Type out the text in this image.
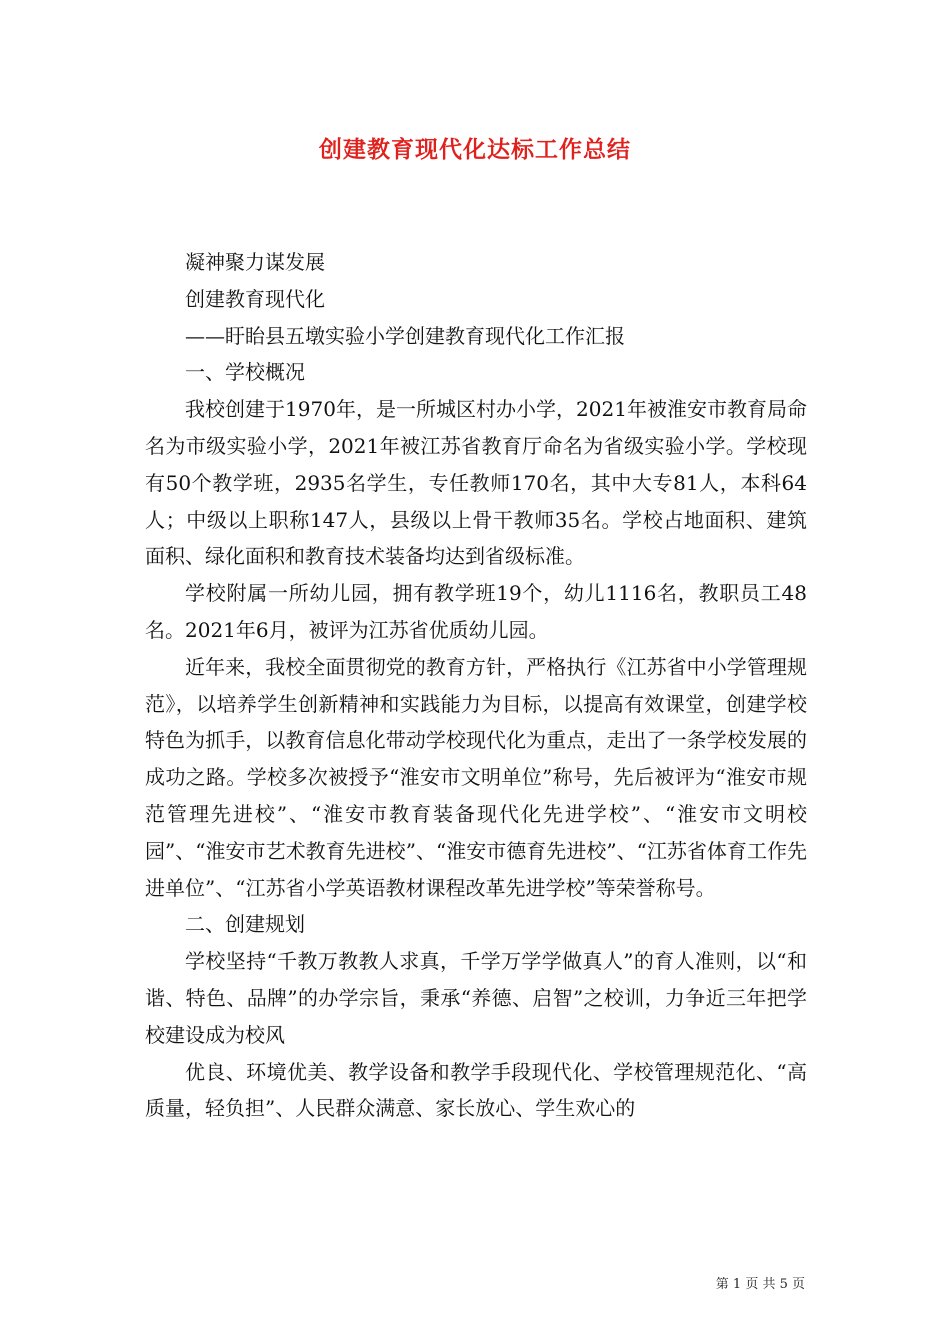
创建教育现代化达标工作总结

凝神聚力谋发展

创建教育现代化

——盱眙县五墩实验小学创建教育现代化工作汇报

一、学校概况

我校创建于1970年，是一所城区村办小学，2021年被淮安市教育局命名为市级实验小学，2021年被江苏省教育厅命名为省级实验小学。学校现有50个教学班，2935名学生，专任教师170名，其中大专81人，本科64人；中级以上职称147人，县级以上骨干教师35名。学校占地面积、建筑面积、绿化面积和教育技术装备均达到省级标准。

学校附属一所幼儿园，拥有教学班19个，幼儿1116名，教职员工48名。2021年6月，被评为江苏省优质幼儿园。

近年来，我校全面贯彻党的教育方针，严格执行《江苏省中小学管理规范》，以培养学生创新精神和实践能力为目标，以提高有效课堂，创建学校特色为抓手，以教育信息化带动学校现代化为重点，走出了一条学校发展的成功之路。学校多次被授予“淮安市文明单位”称号，先后被评为“淮安市规范管理先进校”、“淮安市教育装备现代化先进学校”、“淮安市文明校园”、“淮安市艺术教育先进校”、“淮安市德育先进校”、“江苏省体育工作先进单位”、“江苏省小学英语教材课程改革先进学校”等荣誉称号。

二、创建规划

学校坚持“千教万教教人求真，千学万学学做真人”的育人准则，以“和谐、特色、品牌”的办学宗旨，秉承“养德、启智”之校训，力争近三年把学校建设成为校风

优良、环境优美、教学设备和教学手段现代化、学校管理规范化、“高质量，轻负担”、人民群众满意、家长放心、学生欢心的

第 1 页 共 5 页
